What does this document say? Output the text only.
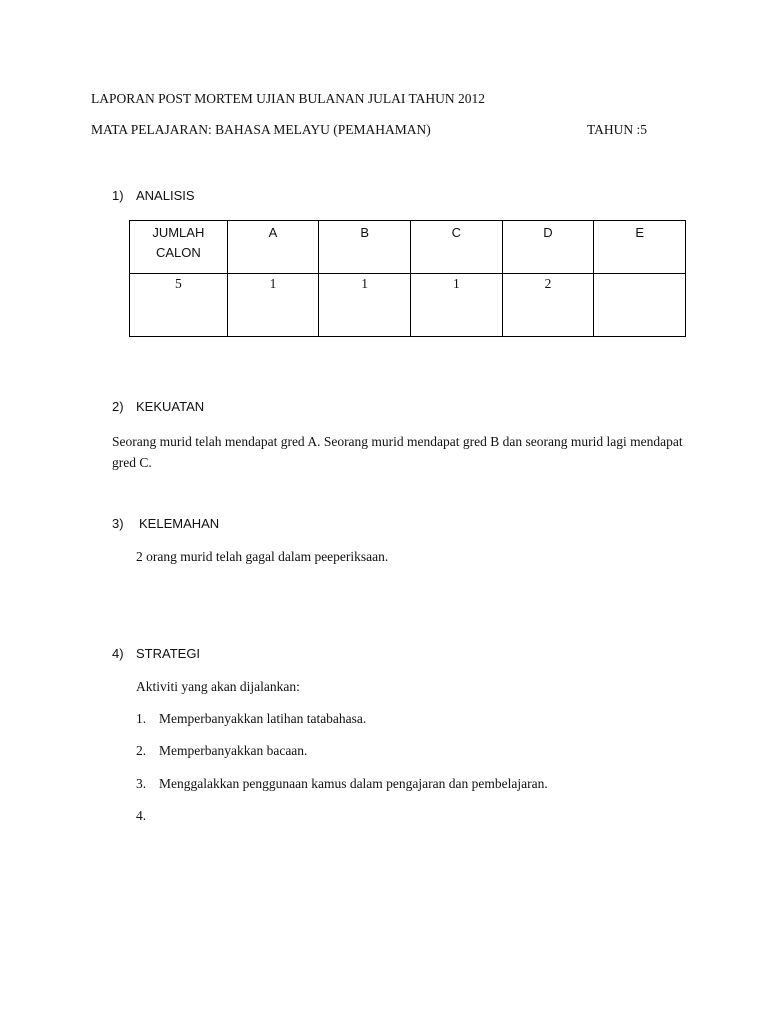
LAPORAN POST MORTEM UJIAN BULANAN JULAI TAHUN 2012
MATA PELAJARAN: BAHASA MELAYU (PEMAHAMAN)	TAHUN :5
1) ANALISIS
JUMLAH
CALON	A	B	C	D	E
5	1	1	1	2	
2) KEKUATAN
Seorang murid telah mendapat gred A. Seorang murid mendapat gred B dan seorang murid lagi mendapat gred C.
3) KELEMAHAN
2 orang murid telah gagal dalam peeperiksaan.
4) STRATEGI
Aktiviti yang akan dijalankan:
1. Memperbanyakkan latihan tatabahasa.
2. Memperbanyakkan bacaan.
3. Menggalakkan penggunaan kamus dalam pengajaran dan pembelajaran.
4.
